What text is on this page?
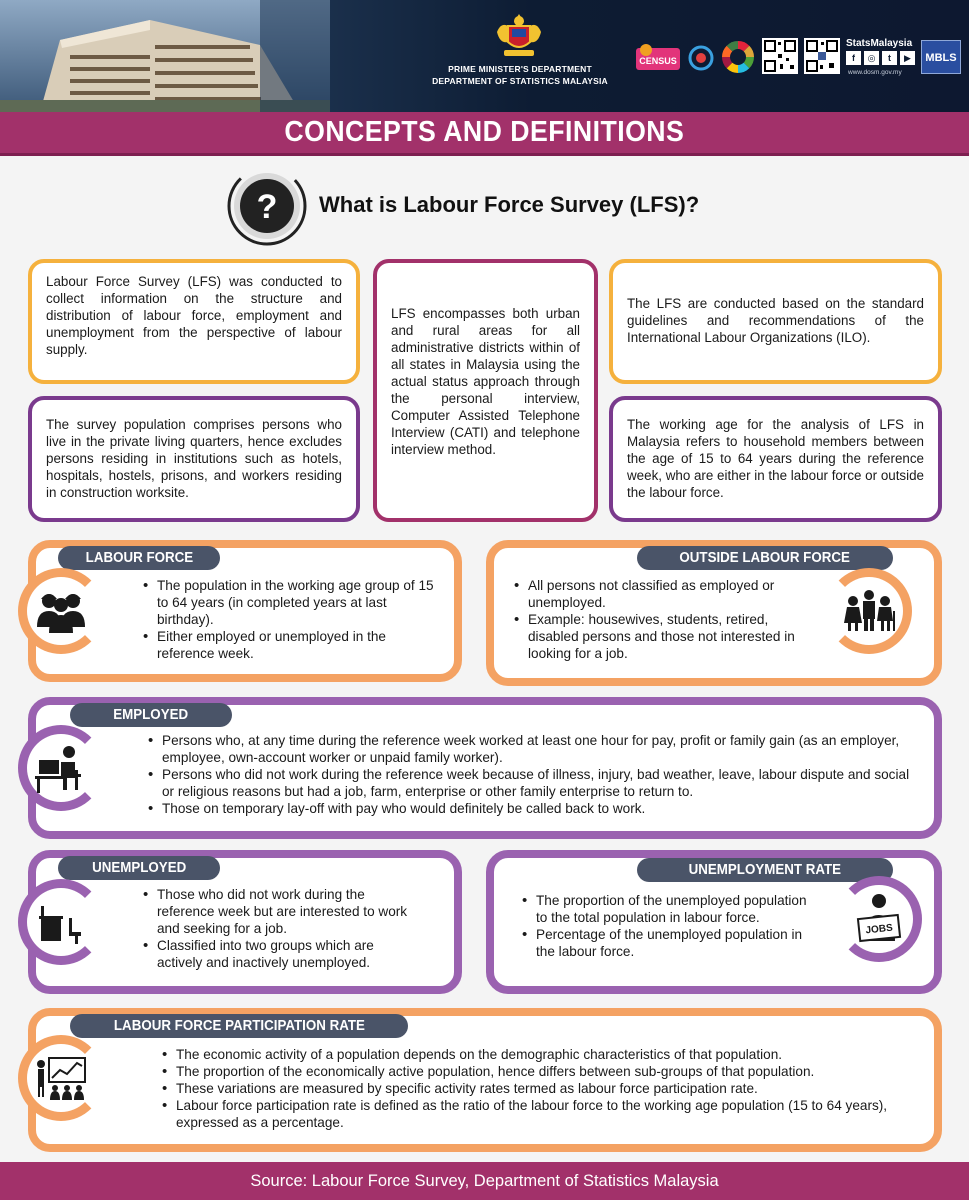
PRIME MINISTER'S DEPARTMENT
DEPARTMENT OF STATISTICS MALAYSIA
CENSUS
StatsMalaysia
f	◎	t	▶
www.dosm.gov.my
MBLS
CONCEPTS AND DEFINITIONS
? What is Labour Force Survey (LFS)?

Labour Force Survey (LFS) was conducted to collect information on the structure and distribution of labour force, employment and unemployment from the perspective of labour supply.

The survey population comprises persons who live in the private living quarters, hence excludes persons residing in institutions such as hotels, hospitals, hostels, prisons, and workers residing in construction worksite.

LFS encompasses both urban and rural areas for all administrative districts within of all states in Malaysia using the actual status approach through the personal interview, Computer Assisted Telephone Interview (CATI) and telephone interview method.

The LFS are conducted based on the standard guidelines and recommendations of the International Labour Organizations (ILO).

The working age for the analysis of LFS in Malaysia refers to household members between the age of 15 to 64 years during the reference week, who are either in the labour force or outside the labour force.

LABOUR FORCE
• The population in the working age group of 15 to 64 years (in completed years at last birthday).
• Either employed or unemployed in the reference week.
OUTSIDE LABOUR FORCE
• All persons not classified as employed or unemployed.
• Example: housewives, students, retired, disabled persons and those not interested in looking for a job.
EMPLOYED
• Persons who, at any time during the reference week worked at least one hour for pay, profit or family gain (as an employer, employee, own-account worker or unpaid family worker).
• Persons who did not work during the reference week because of illness, injury, bad weather, leave, labour dispute and social or religious reasons but had a job, farm, enterprise or other family enterprise to return to.
• Those on temporary lay-off with pay who would definitely be called back to work.
UNEMPLOYED
• Those who did not work during the reference week but are interested to work and seeking for a job.
• Classified into two groups which are actively and inactively unemployed.
UNEMPLOYMENT RATE
JOBS
• The proportion of the unemployed population to the total population in labour force.
• Percentage of the unemployed population in the labour force.
LABOUR FORCE PARTICIPATION RATE
• The economic activity of a population depends on the demographic characteristics of that population.
• The proportion of the economically active population, hence differs between sub-groups of that population.
• These variations are measured by specific activity rates termed as labour force participation rate.
• Labour force participation rate is defined as the ratio of the labour force to the working age population (15 to 64 years), expressed as a percentage.
Source: Labour Force Survey, Department of Statistics Malaysia
